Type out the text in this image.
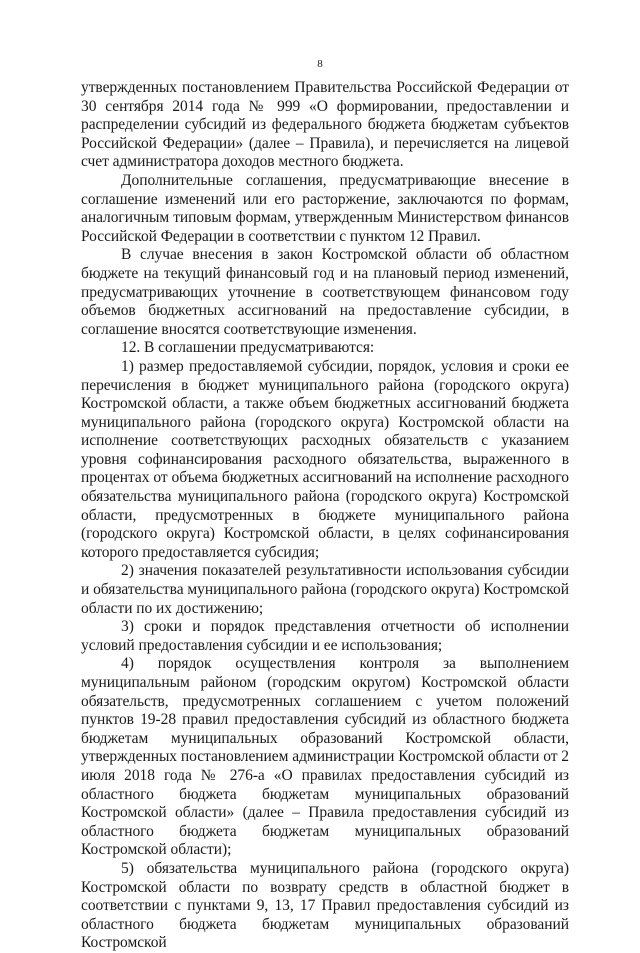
8

утвержденных постановлением Правительства Российской Федерации от 30 сентября 2014 года № 999 «О формировании, предоставлении и распределении субсидий из федерального бюджета бюджетам субъектов Российской Федерации» (далее – Правила), и перечисляется на лицевой счет администратора доходов местного бюджета.

Дополнительные соглашения, предусматривающие внесение в соглашение изменений или его расторжение, заключаются по формам, аналогичным типовым формам, утвержденным Министерством финансов Российской Федерации в соответствии с пунктом 12 Правил.

В случае внесения в закон Костромской области об областном бюджете на текущий финансовый год и на плановый период изменений, предусматривающих уточнение в соответствующем финансовом году объемов бюджетных ассигнований на предоставление субсидии, в соглашение вносятся соответствующие изменения.

12. В соглашении предусматриваются:

1) размер предоставляемой субсидии, порядок, условия и сроки ее перечисления в бюджет муниципального района (городского округа) Костромской области, а также объем бюджетных ассигнований бюджета муниципального района (городского округа) Костромской области на исполнение соответствующих расходных обязательств с указанием уровня софинансирования расходного обязательства, выраженного в процентах от объема бюджетных ассигнований на исполнение расходного обязательства муниципального района (городского округа) Костромской области, предусмотренных в бюджете муниципального района (городского округа) Костромской области, в целях софинансирования которого предоставляется субсидия;

2) значения показателей результативности использования субсидии и обязательства муниципального района (городского округа) Костромской области по их достижению;

3) сроки и порядок представления отчетности об исполнении условий предоставления субсидии и ее использования;

4) порядок осуществления контроля за выполнением муниципальным районом (городским округом) Костромской области обязательств, предусмотренных соглашением с учетом положений пунктов 19-28 правил предоставления субсидий из областного бюджета бюджетам муниципальных образований Костромской области, утвержденных постановлением администрации Костромской области от 2 июля 2018 года № 276-а «О правилах предоставления субсидий из областного бюджета бюджетам муниципальных образований Костромской области» (далее – Правила предоставления субсидий из областного бюджета бюджетам муниципальных образований Костромской области);

5) обязательства муниципального района (городского округа) Костромской области по возврату средств в областной бюджет в соответствии с пунктами 9, 13, 17 Правил предоставления субсидий из областного бюджета бюджетам муниципальных образований Костромской
